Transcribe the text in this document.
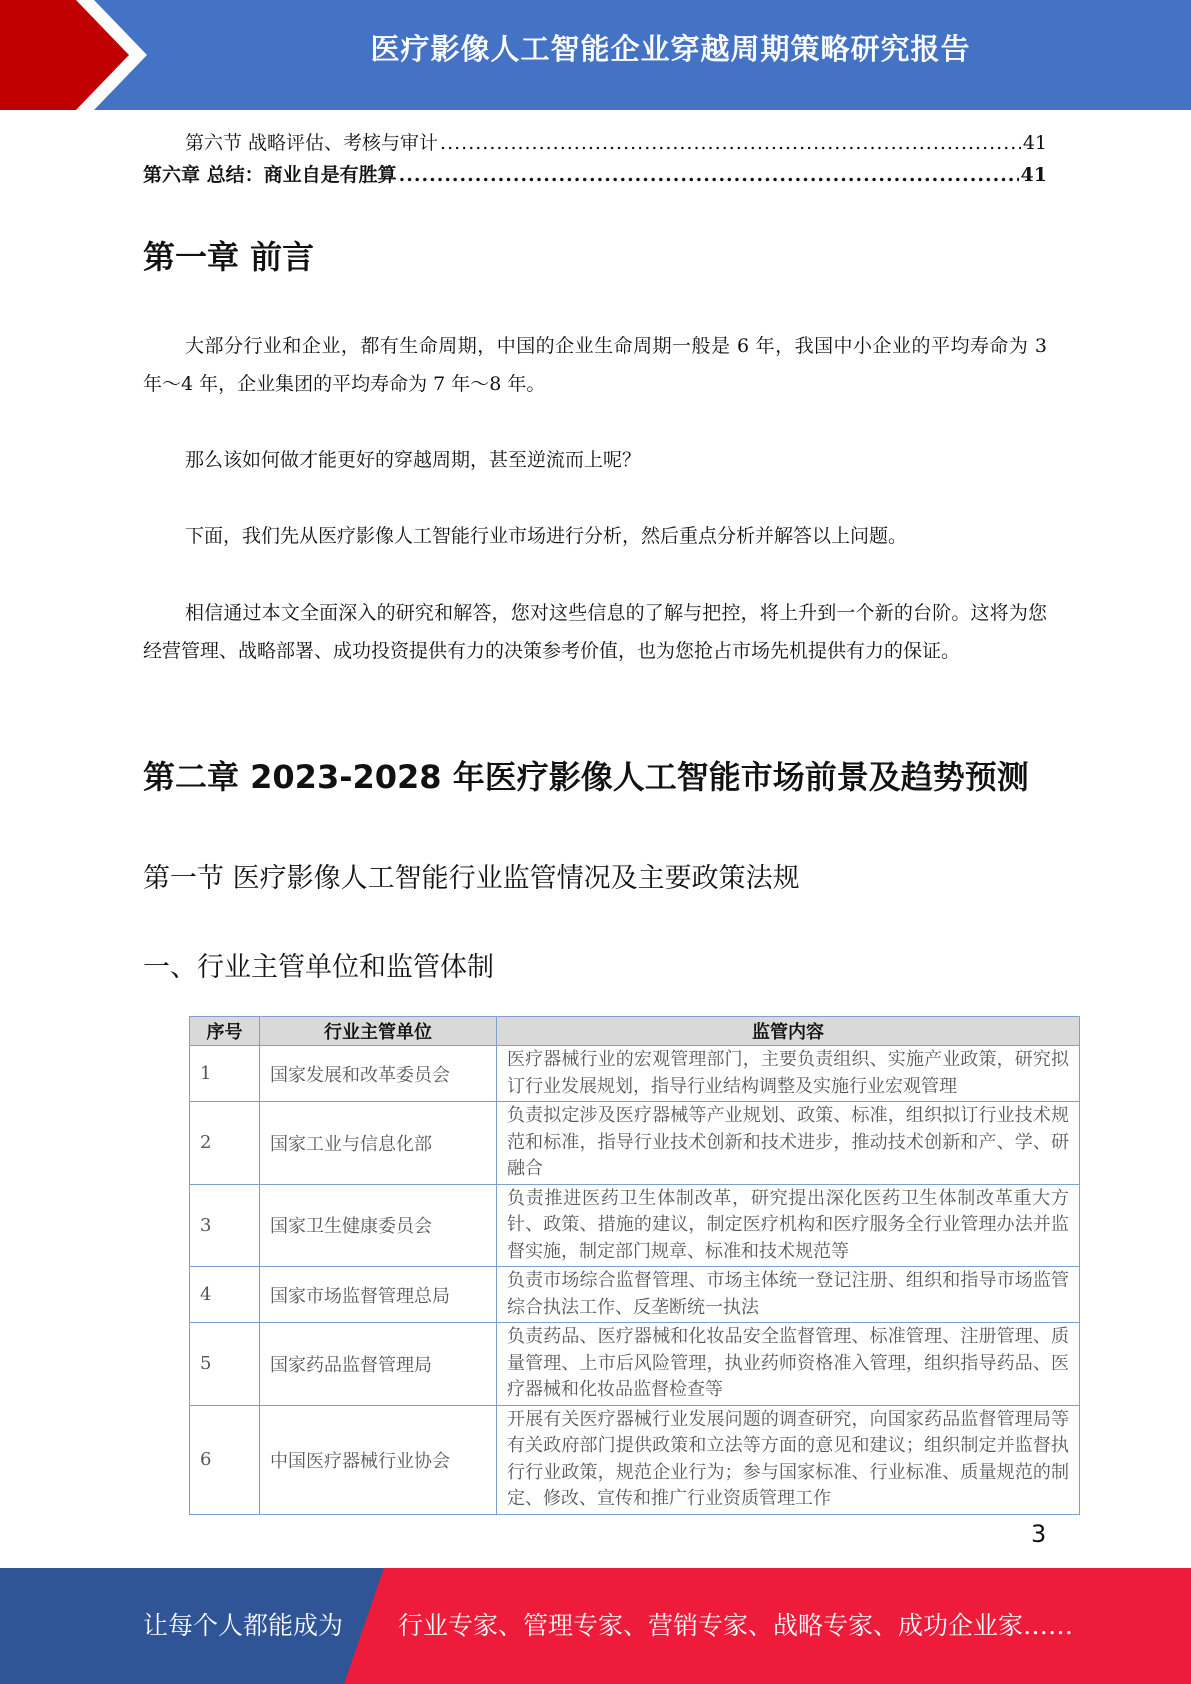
医疗影像人工智能企业穿越周期策略研究报告
第六节 战略评估、考核与审计 .....	41
第六章 总结：商业自是有胜算 .....	41
第一章 前言

大部分行业和企业，都有生命周期，中国的企业生命周期一般是 6 年，我国中小企业的平均寿命为 3 年～4 年，企业集团的平均寿命为 7 年～8 年。

那么该如何做才能更好的穿越周期，甚至逆流而上呢？

下面，我们先从医疗影像人工智能行业市场进行分析，然后重点分析并解答以上问题。

相信通过本文全面深入的研究和解答，您对这些信息的了解与把控，将上升到一个新的台阶。这将为您经营管理、战略部署、成功投资提供有力的决策参考价值，也为您抢占市场先机提供有力的保证。

第二章 2023-2028 年医疗影像人工智能市场前景及趋势预测
第一节 医疗影像人工智能行业监管情况及主要政策法规
一、行业主管单位和监管体制
序号	行业主管单位	监管内容
1	国家发展和改革委员会	医疗器械行业的宏观管理部门，主要负责组织、实施产业政策，研究拟订行业发展规划，指导行业结构调整及实施行业宏观管理
2	国家工业与信息化部	负责拟定涉及医疗器械等产业规划、政策、标准，组织拟订行业技术规范和标准，指导行业技术创新和技术进步，推动技术创新和产、学、研融合
3	国家卫生健康委员会	负责推进医药卫生体制改革，研究提出深化医药卫生体制改革重大方针、政策、措施的建议，制定医疗机构和医疗服务全行业管理办法并监督实施，制定部门规章、标准和技术规范等
4	国家市场监督管理总局	负责市场综合监督管理、市场主体统一登记注册、组织和指导市场监管综合执法工作、反垄断统一执法
5	国家药品监督管理局	负责药品、医疗器械和化妆品安全监督管理、标准管理、注册管理、质量管理、上市后风险管理，执业药师资格准入管理，组织指导药品、医疗器械和化妆品监督检查等
6	中国医疗器械行业协会	开展有关医疗器械行业发展问题的调查研究，向国家药品监督管理局等有关政府部门提供政策和立法等方面的意见和建议；组织制定并监督执行行业政策，规范企业行为；参与国家标准、行业标准、质量规范的制定、修改、宣传和推广行业资质管理工作
3
让每个人都能成为 行业专家、管理专家、营销专家、战略专家、成功企业家……
